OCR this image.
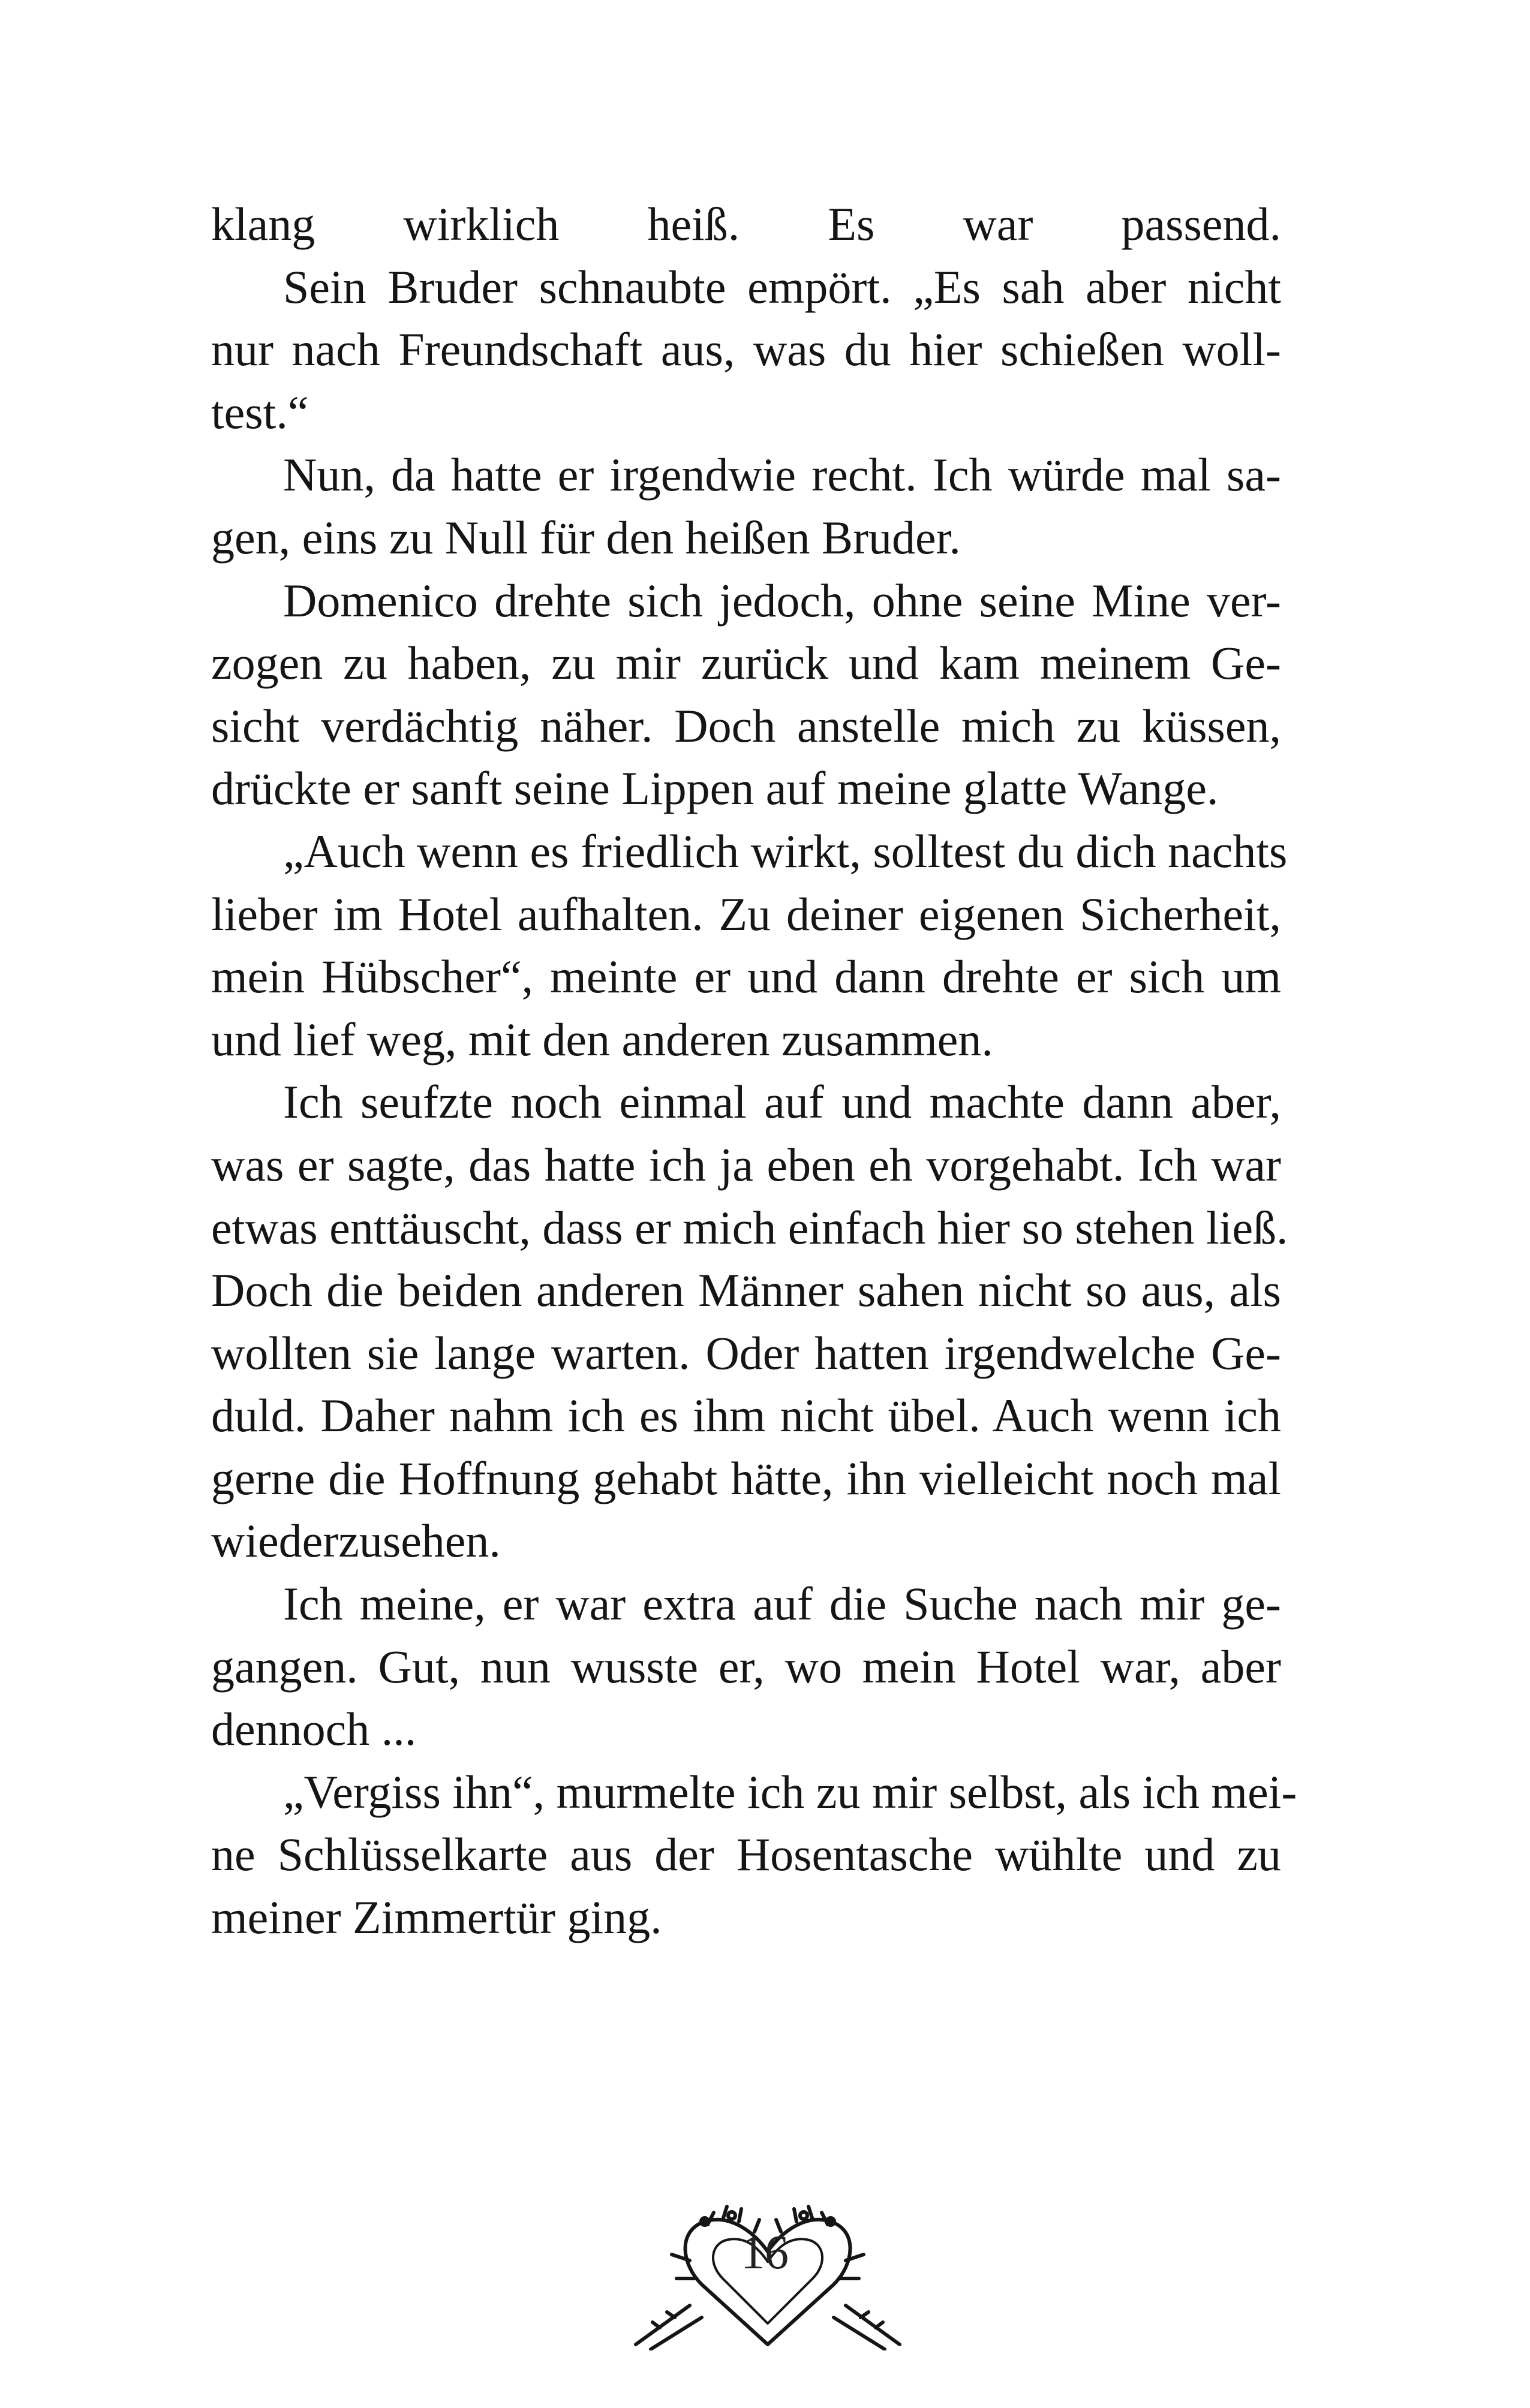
klang wirklich heiß. Es war passend.
Sein Bruder schnaubte empört. „Es sah aber nicht
nur nach Freundschaft aus, was du hier schießen woll-
test.“
Nun, da hatte er irgendwie recht. Ich würde mal sa-
gen, eins zu Null für den heißen Bruder.
Domenico drehte sich jedoch, ohne seine Mine ver-
zogen zu haben, zu mir zurück und kam meinem Ge-
sicht verdächtig näher. Doch anstelle mich zu küssen,
drückte er sanft seine Lippen auf meine glatte Wange.
„Auch wenn es friedlich wirkt, solltest du dich nachts
lieber im Hotel aufhalten. Zu deiner eigenen Sicherheit,
mein Hübscher“, meinte er und dann drehte er sich um
und lief weg, mit den anderen zusammen.
Ich seufzte noch einmal auf und machte dann aber,
was er sagte, das hatte ich ja eben eh vorgehabt. Ich war
etwas enttäuscht, dass er mich einfach hier so stehen ließ.
Doch die beiden anderen Männer sahen nicht so aus, als
wollten sie lange warten. Oder hatten irgendwelche Ge-
duld. Daher nahm ich es ihm nicht übel. Auch wenn ich
gerne die Hoffnung gehabt hätte, ihn vielleicht noch mal
wiederzusehen.
Ich meine, er war extra auf die Suche nach mir ge-
gangen. Gut, nun wusste er, wo mein Hotel war, aber
dennoch ...
„Vergiss ihn“, murmelte ich zu mir selbst, als ich mei-
ne Schlüsselkarte aus der Hosentasche wühlte und zu
meiner Zimmertür ging.
16
